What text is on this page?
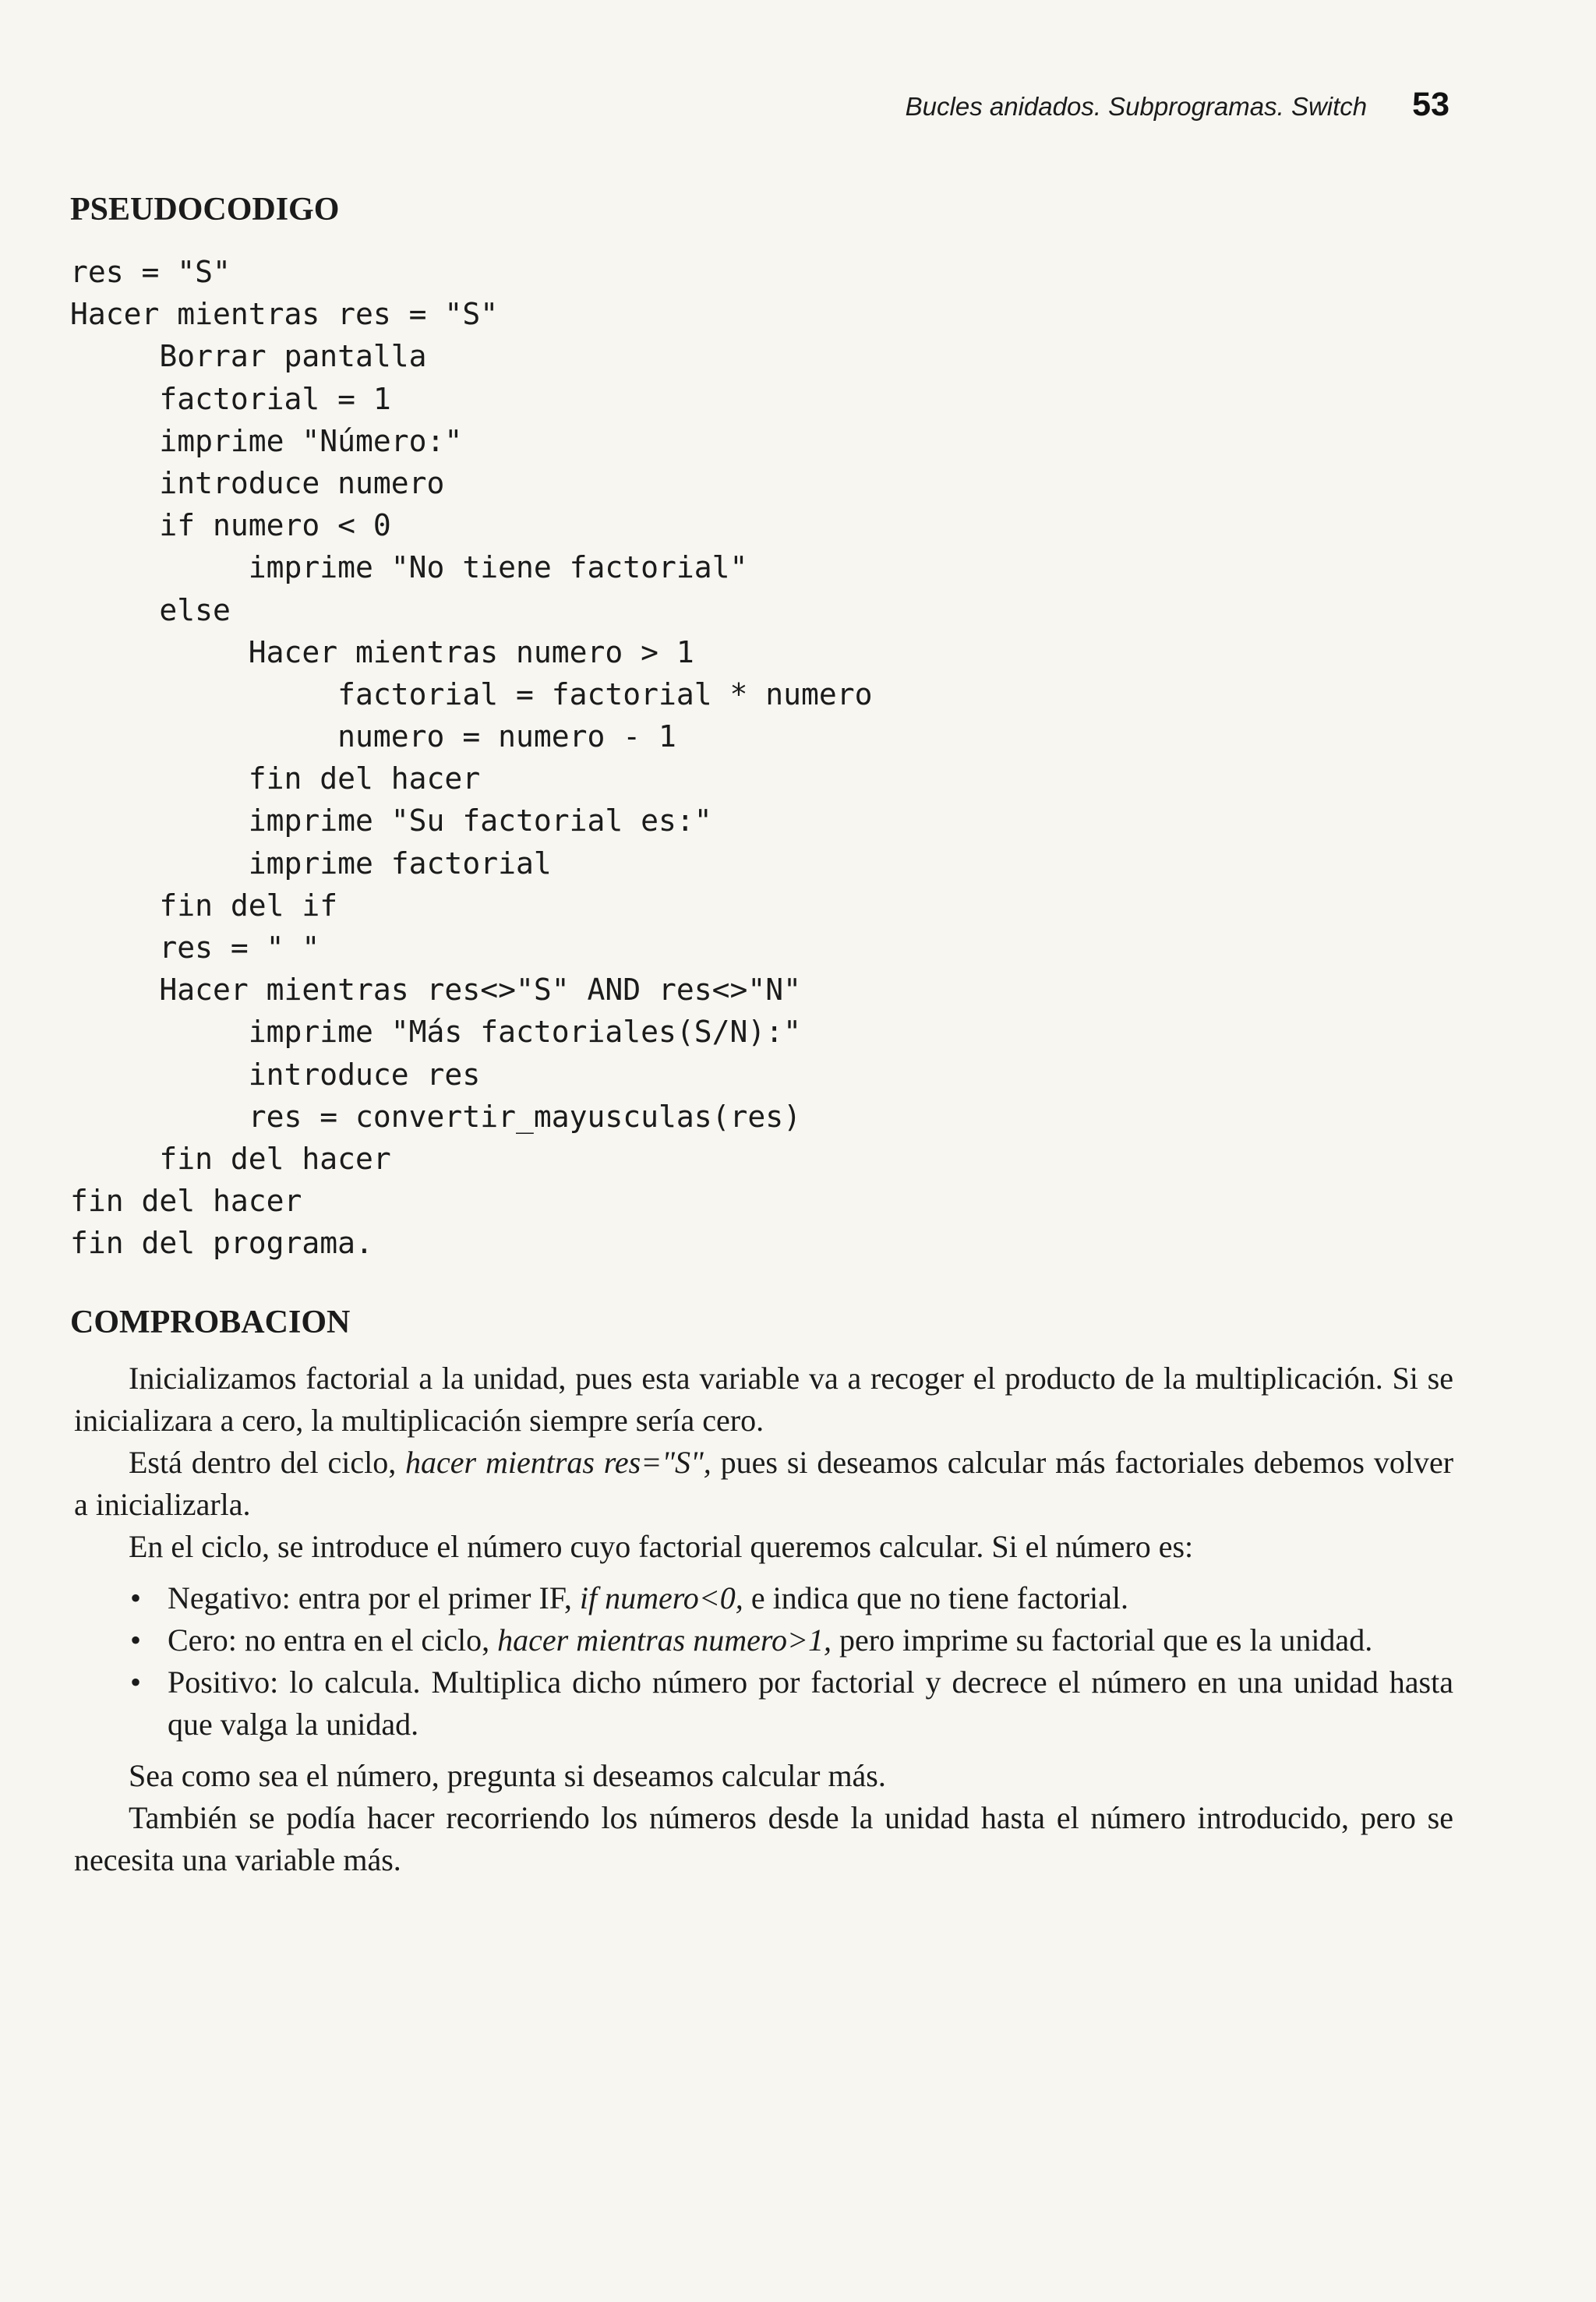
Bucles anidados. Subprogramas. Switch 53
PSEUDOCODIGO
res = "S"
Hacer mientras res = "S"
Borrar pantalla
factorial = 1
imprime "Número:"
introduce numero
if numero < 0
imprime "No tiene factorial"
else
Hacer mientras numero > 1
factorial = factorial * numero
numero = numero - 1
fin del hacer
imprime "Su factorial es:"
imprime factorial
fin del if
res = " "
Hacer mientras res<>"S" AND res<>"N"
imprime "Más factoriales(S/N):"
introduce res
res = convertir_mayusculas(res)
fin del hacer
fin del hacer
fin del programa.
COMPROBACION

Inicializamos factorial a la unidad, pues esta variable va a recoger el producto de la multiplicación. Si se inicializara a cero, la multiplicación siempre sería cero.

Está dentro del ciclo, hacer mientras res="S", pues si deseamos calcular más factoriales debemos volver a inicializarla.

En el ciclo, se introduce el número cuyo factorial queremos calcular. Si el número es:

• Negativo: entra por el primer IF, if numero<0, e indica que no tiene factorial.
• Cero: no entra en el ciclo, hacer mientras numero>1, pero imprime su factorial que es la unidad.
• Positivo: lo calcula. Multiplica dicho número por factorial y decrece el número en una unidad hasta que valga la unidad.

Sea como sea el número, pregunta si deseamos calcular más.

También se podía hacer recorriendo los números desde la unidad hasta el número introducido, pero se necesita una variable más.
